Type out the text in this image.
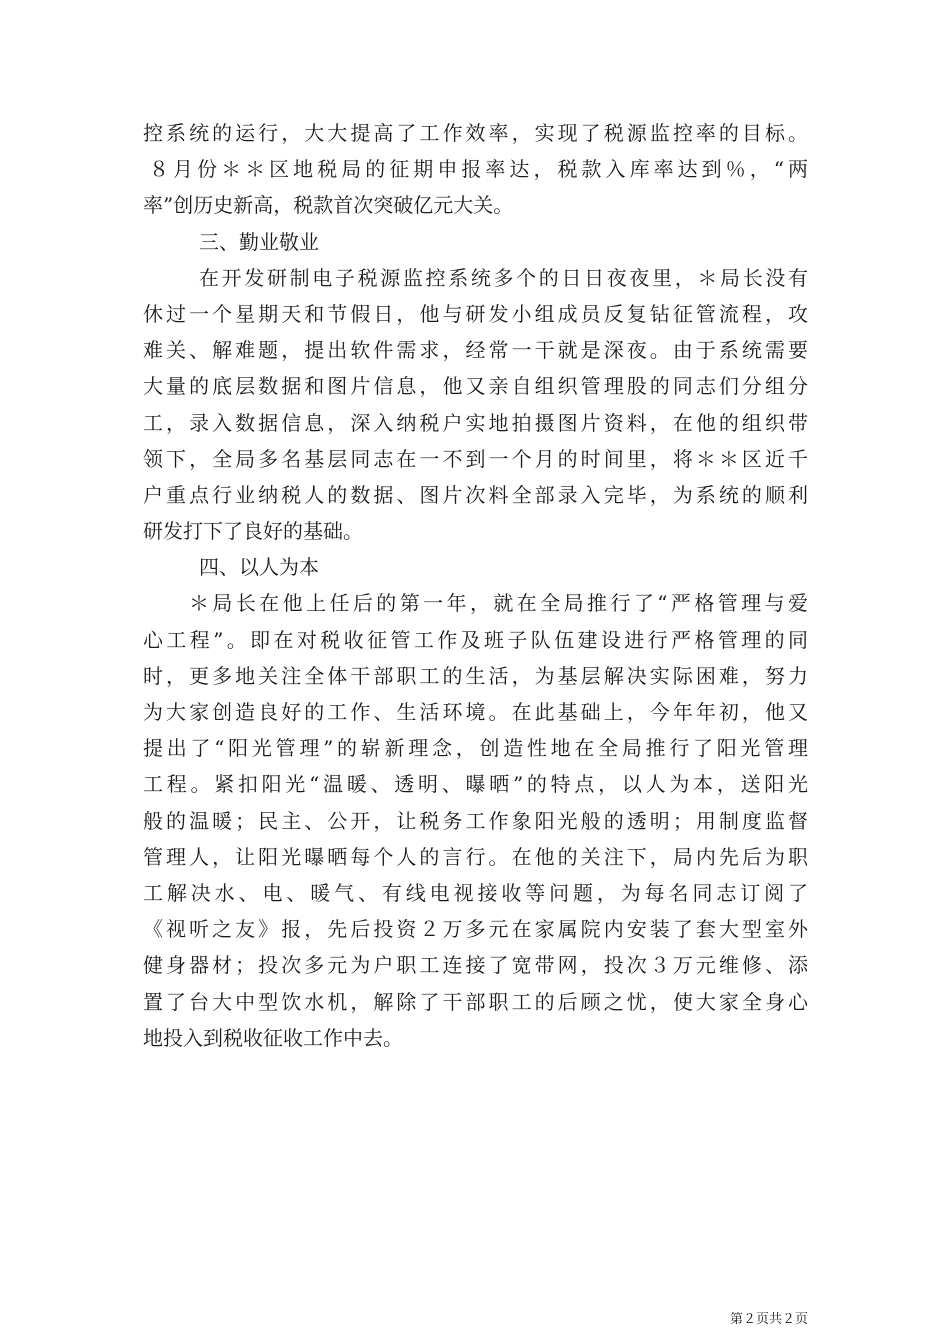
控系统的运行，大大提高了工作效率，实现了税源监控率的目标。
８月份＊＊区地税局的征期申报率达，税款入库率达到％，“两
率”创历史新高，税款首次突破亿元大关。
三、勤业敬业
在开发研制电子税源监控系统多个的日日夜夜里，＊局长没有
休过一个星期天和节假日，他与研发小组成员反复钻征管流程，攻
难关、解难题，提出软件需求，经常一干就是深夜。由于系统需要
大量的底层数据和图片信息，他又亲自组织管理股的同志们分组分
工，录入数据信息，深入纳税户实地拍摄图片资料，在他的组织带
领下，全局多名基层同志在一不到一个月的时间里，将＊＊区近千
户重点行业纳税人的数据、图片次料全部录入完毕，为系统的顺利
研发打下了良好的基础。
四、以人为本
＊局长在他上任后的第一年，就在全局推行了“严格管理与爱
心工程”。即在对税收征管工作及班子队伍建设进行严格管理的同
时，更多地关注全体干部职工的生活，为基层解决实际困难，努力
为大家创造良好的工作、生活环境。在此基础上，今年年初，他又
提出了“阳光管理”的崭新理念，创造性地在全局推行了阳光管理
工程。紧扣阳光“温暖、透明、曝晒”的特点，以人为本，送阳光
般的温暖；民主、公开，让税务工作象阳光般的透明；用制度监督
管理人，让阳光曝晒每个人的言行。在他的关注下，局内先后为职
工解决水、电、暖气、有线电视接收等问题，为每名同志订阅了
《视听之友》报，先后投资２万多元在家属院内安装了套大型室外
健身器材；投次多元为户职工连接了宽带网，投次３万元维修、添
置了台大中型饮水机，解除了干部职工的后顾之忧，使大家全身心
地投入到税收征收工作中去。
第２页共２页
